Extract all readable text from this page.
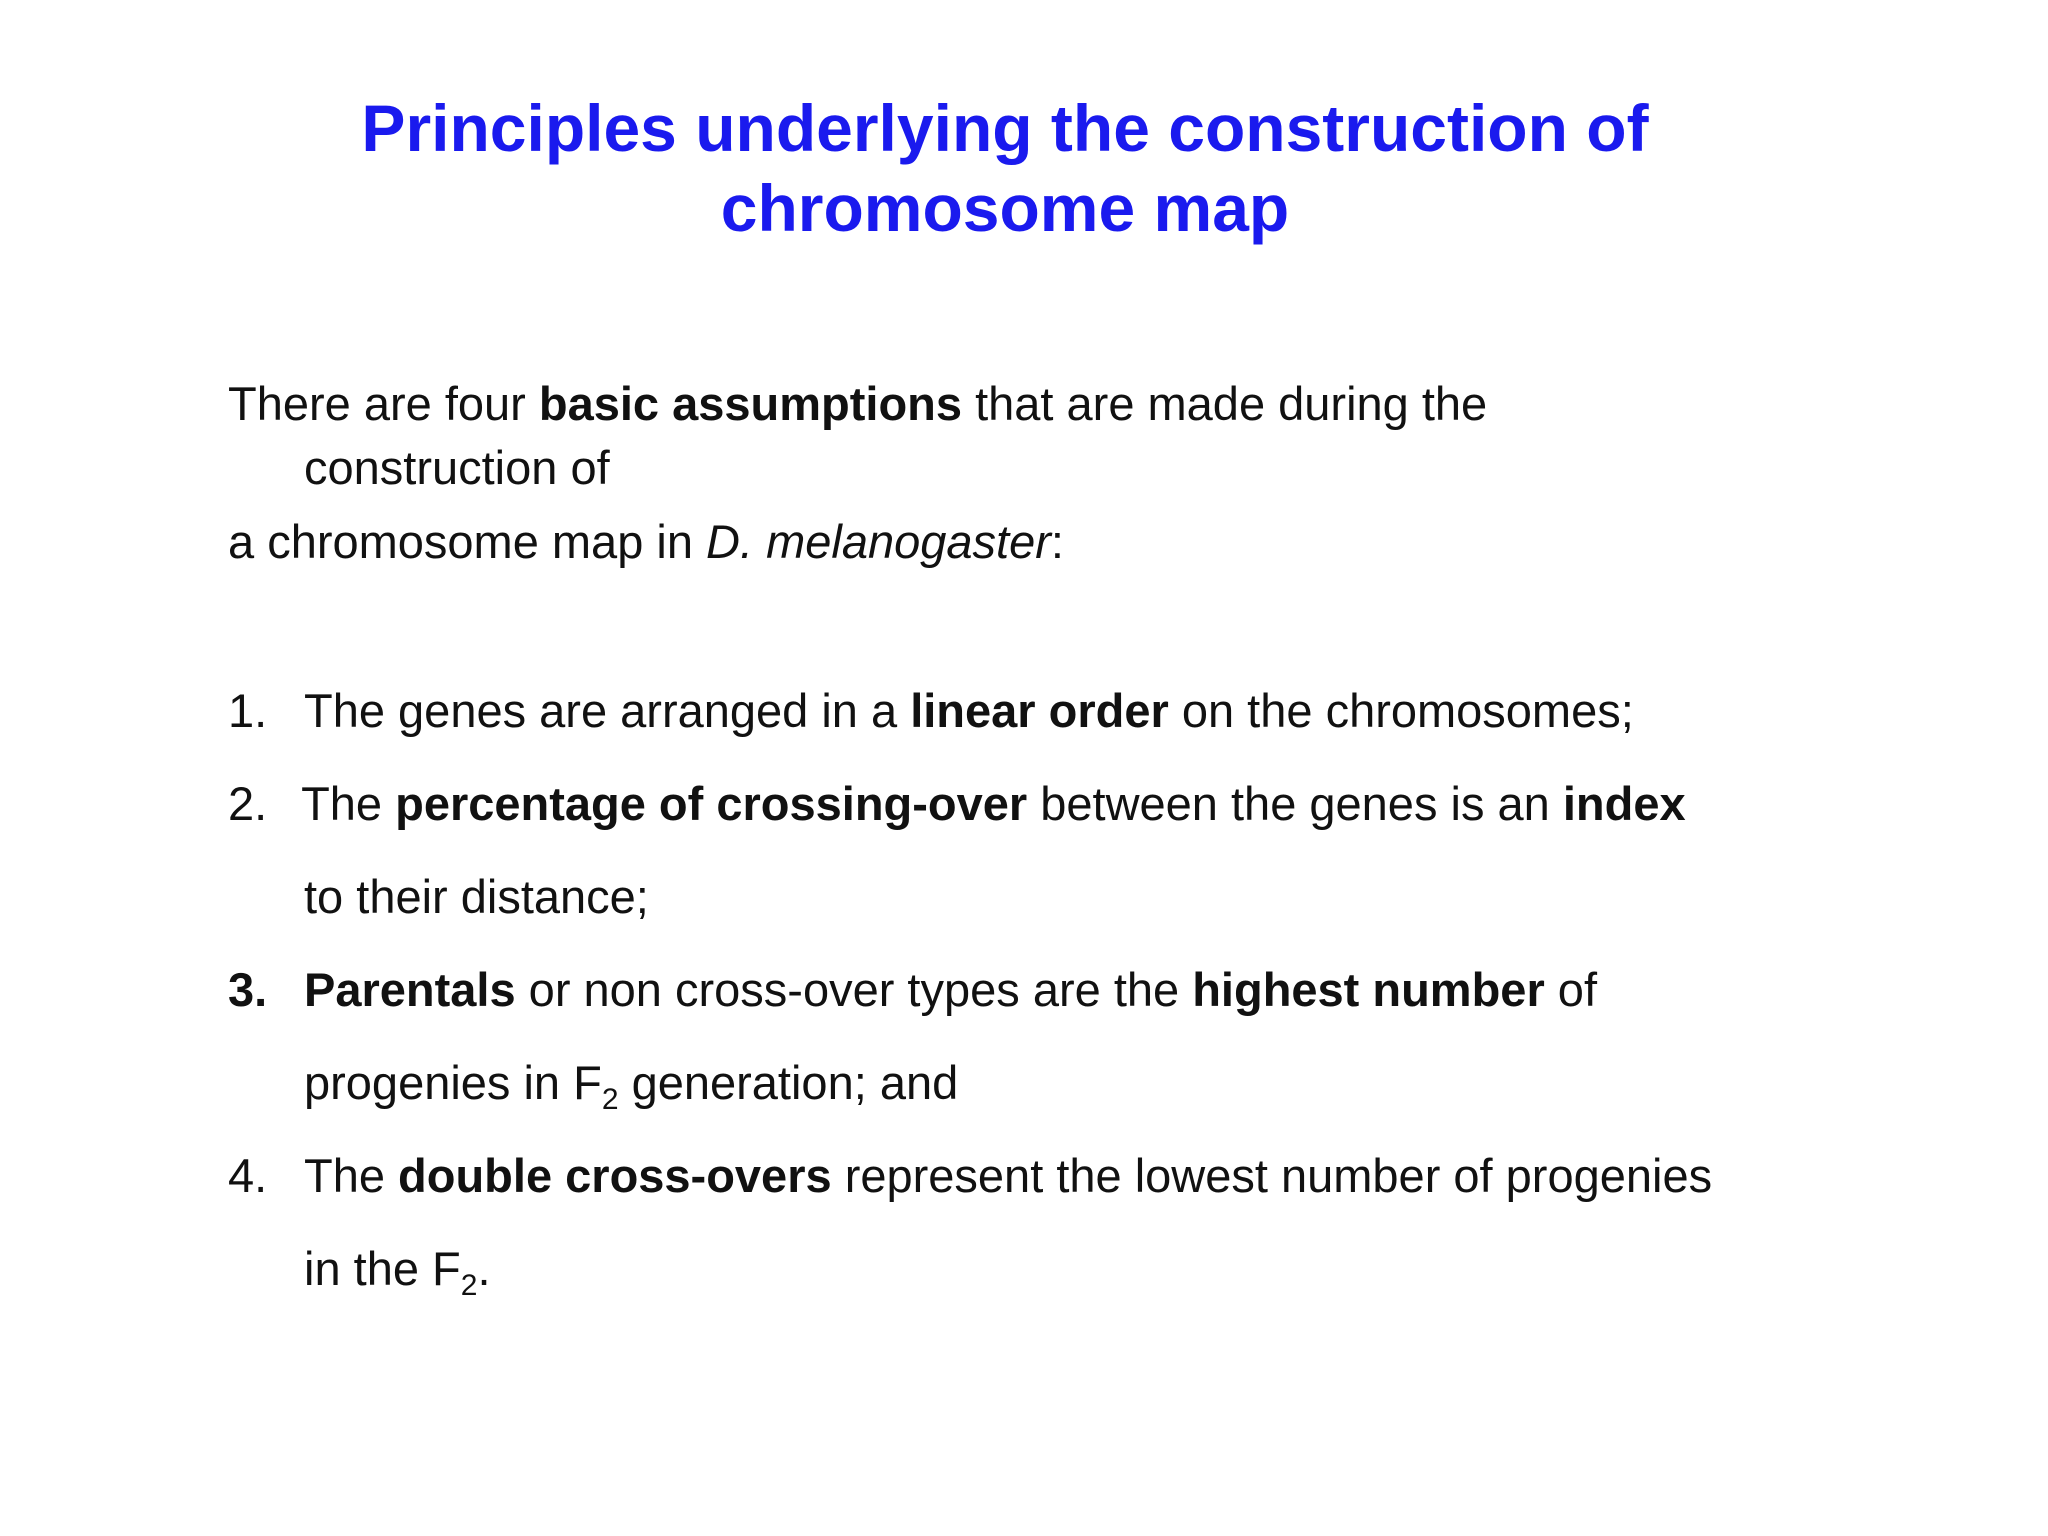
Principles underlying the construction of
chromosome map
There are four basic assumptions that are made during the
construction of
a chromosome map in D. melanogaster:
1. The genes are arranged in a linear order on the chromosomes;
2. The percentage of crossing-over between the genes is an index
to their distance;
3. Parentals or non cross-over types are the highest number of
progenies in $F_2$ generation; and
4. The double cross-overs represent the lowest number of progenies
in the $F_2$.
